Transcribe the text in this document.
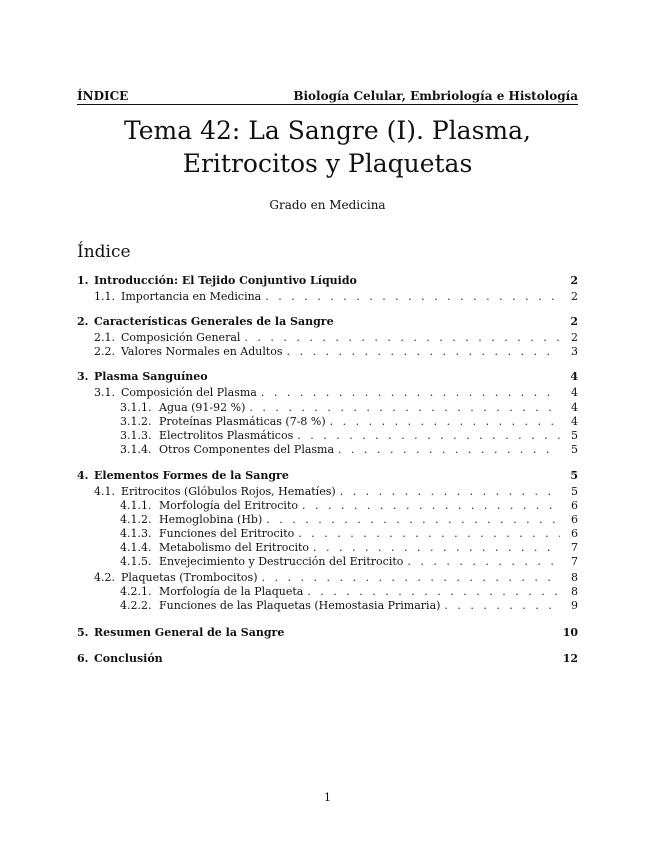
ÍNDICE	Biología Celular, Embriología e Histología
Tema 42: La Sangre (I). Plasma,
Eritrocitos y Plaquetas
Grado en Medicina
Índice
1. Introducción: El Tejido Conjuntivo Líquido	2
1.1. Importancia en Medicina . . .	2
2. Características Generales de la Sangre	2
2.1. Composición General . . .	2
2.2. Valores Normales en Adultos . . .	3
3. Plasma Sanguíneo	4
3.1. Composición del Plasma . . .	4
3.1.1. Agua (91-92 %) . . .	4
3.1.2. Proteínas Plasmáticas (7-8 %) . . .	4
3.1.3. Electrolitos Plasmáticos . . .	5
3.1.4. Otros Componentes del Plasma . . .	5
4. Elementos Formes de la Sangre	5
4.1. Eritrocitos (Glóbulos Rojos, Hematíes) . . .	5
4.1.1. Morfología del Eritrocito . . .	6
4.1.2. Hemoglobina (Hb) . . .	6
4.1.3. Funciones del Eritrocito . . .	6
4.1.4. Metabolismo del Eritrocito . . .	7
4.1.5. Envejecimiento y Destrucción del Eritrocito . . .	7
4.2. Plaquetas (Trombocitos) . . .	8
4.2.1. Morfología de la Plaqueta . . .	8
4.2.2. Funciones de las Plaquetas (Hemostasia Primaria) . . .	9
5. Resumen General de la Sangre	10
6. Conclusión	12
1
